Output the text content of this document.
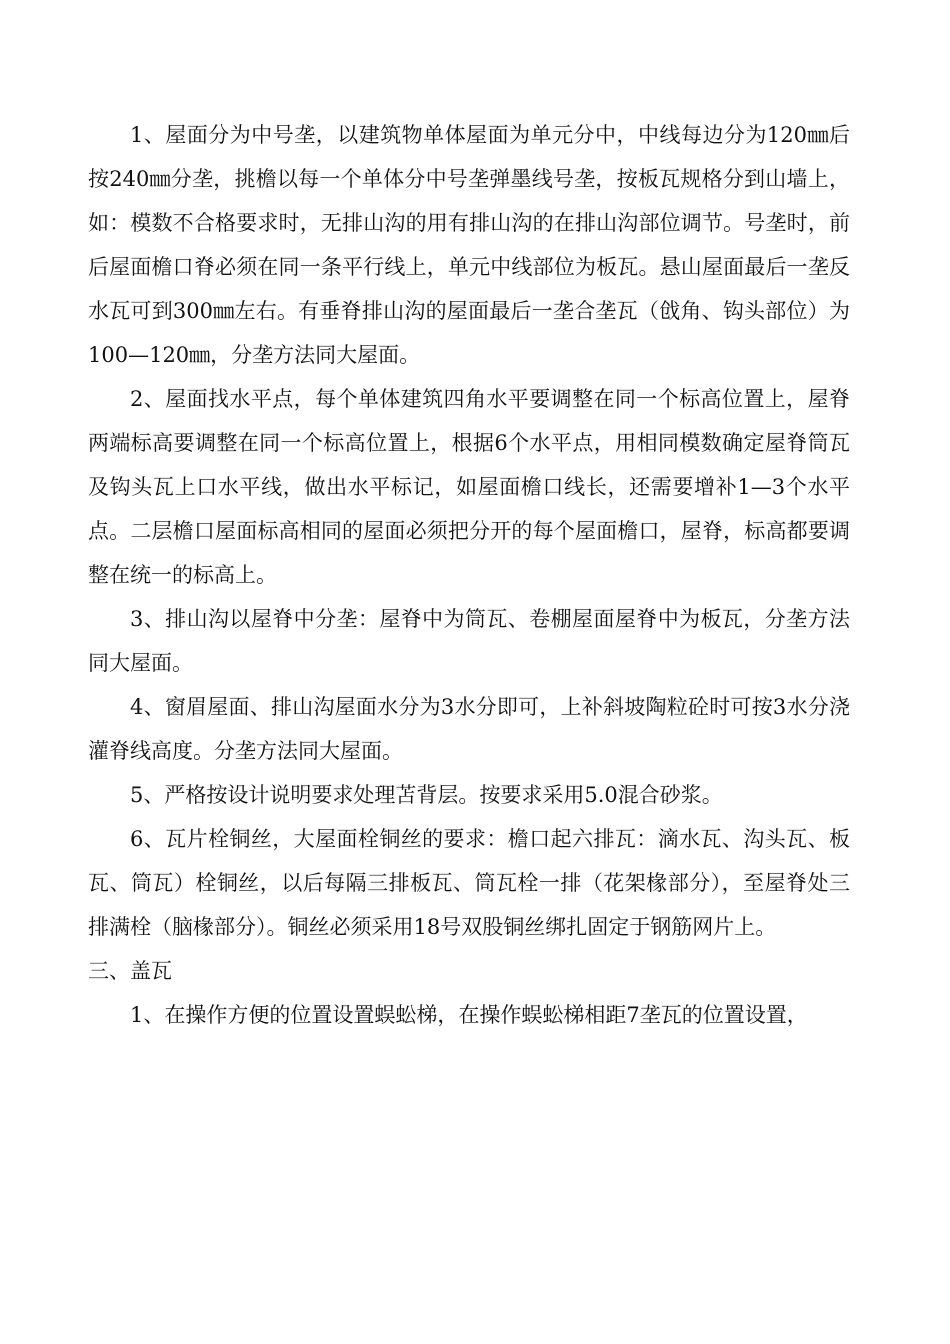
1、屋面分为中号垄，以建筑物单体屋面为单元分中，中线每边分为120㎜后按240㎜分垄，挑檐以每一个单体分中号垄弹墨线号垄，按板瓦规格分到山墙上，如：模数不合格要求时，无排山沟的用有排山沟的在排山沟部位调节。号垄时，前后屋面檐口脊必须在同一条平行线上，单元中线部位为板瓦。悬山屋面最后一垄反水瓦可到300㎜左右。有垂脊排山沟的屋面最后一垄合垄瓦（戗角、钩头部位）为100—120㎜，分垄方法同大屋面。

2、屋面找水平点，每个单体建筑四角水平要调整在同一个标高位置上，屋脊两端标高要调整在同一个标高位置上，根据6个水平点，用相同模数确定屋脊筒瓦及钩头瓦上口水平线，做出水平标记，如屋面檐口线长，还需要增补1—3个水平点。二层檐口屋面标高相同的屋面必须把分开的每个屋面檐口，屋脊，标高都要调整在统一的标高上。

3、排山沟以屋脊中分垄：屋脊中为筒瓦、卷棚屋面屋脊中为板瓦，分垄方法同大屋面。

4、窗眉屋面、排山沟屋面水分为3水分即可，上补斜坡陶粒砼时可按3水分浇灌脊线高度。分垄方法同大屋面。

5、严格按设计说明要求处理苫背层。按要求采用5.0混合砂浆。

6、瓦片栓铜丝，大屋面栓铜丝的要求：檐口起六排瓦：滴水瓦、沟头瓦、板瓦、筒瓦）栓铜丝，以后每隔三排板瓦、筒瓦栓一排（花架椽部分），至屋脊处三排满栓（脑椽部分）。铜丝必须采用18号双股铜丝绑扎固定于钢筋网片上。

三、盖瓦

1、在操作方便的位置设置蜈蚣梯，在操作蜈蚣梯相距7垄瓦的位置设置，
